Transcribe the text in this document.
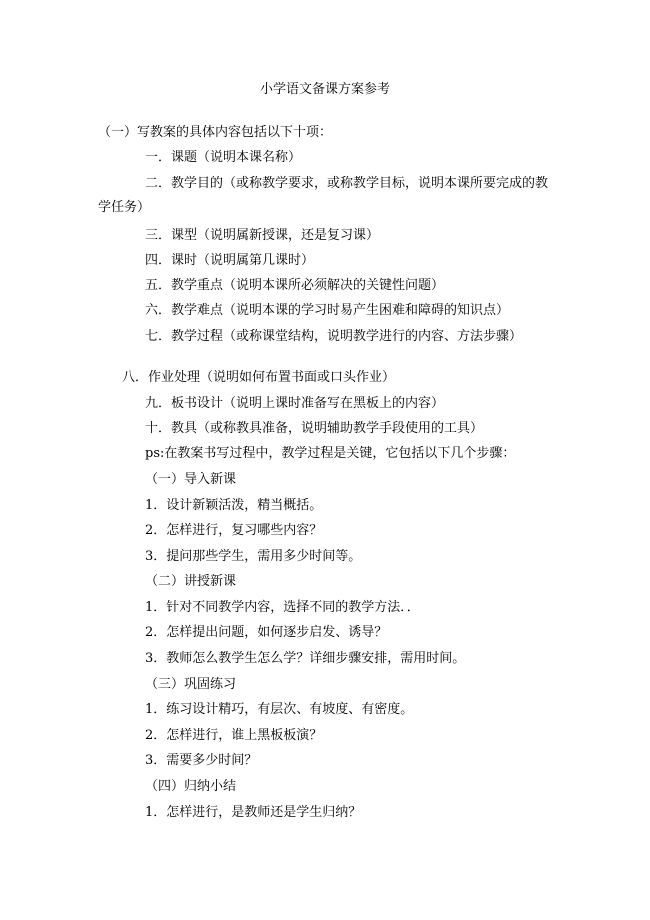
小学语文备课方案参考
（一）写教案的具体内容包括以下十项：
一．课题（说明本课名称）
二．教学目的（或称教学要求，或称教学目标，说明本课所要完成的教
学任务）
三．课型（说明属新授课，还是复习课）
四．课时（说明属第几课时）
五．教学重点（说明本课所必须解决的关键性问题）
六．教学难点（说明本课的学习时易产生困难和障碍的知识点）
七．教学过程（或称课堂结构，说明教学进行的内容、方法步骤）
八．作业处理（说明如何布置书面或口头作业）
九．板书设计（说明上课时准备写在黑板上的内容）
十．教具（或称教具准备，说明辅助教学手段使用的工具）
ps:在教案书写过程中，教学过程是关键，它包括以下几个步骤：
（一）导入新课
1．设计新颖活泼，精当概括。
2．怎样进行，复习哪些内容？
3．提问那些学生，需用多少时间等。
（二）讲授新课
1．针对不同教学内容，选择不同的教学方法．．
2．怎样提出问题，如何逐步启发、诱导？
3．教师怎么教学生怎么学？详细步骤安排，需用时间。
（三）巩固练习
1．练习设计精巧，有层次、有坡度、有密度。
2．怎样进行，谁上黑板板演？
3．需要多少时间？
（四）归纳小结
1．怎样进行，是教师还是学生归纳？
